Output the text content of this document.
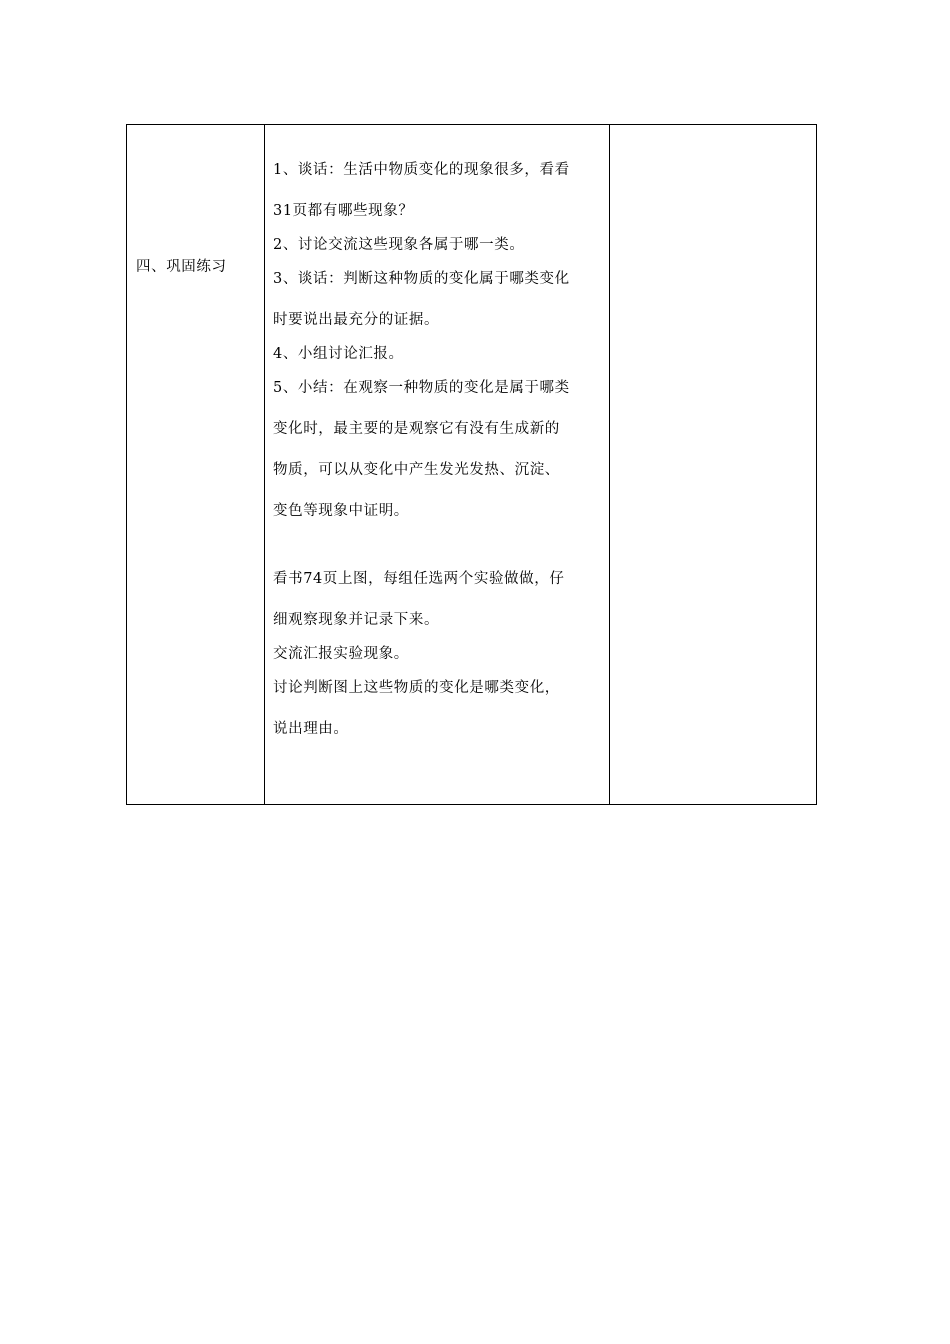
四、巩固练习

1、谈话：生活中物质变化的现象很多，看看
31页都有哪些现象？
2、讨论交流这些现象各属于哪一类。
3、谈话：判断这种物质的变化属于哪类变化
时要说出最充分的证据。
4、小组讨论汇报。
5、小结：在观察一种物质的变化是属于哪类
变化时，最主要的是观察它有没有生成新的
物质，可以从变化中产生发光发热、沉淀、
变色等现象中证明。
看书74页上图，每组任选两个实验做做，仔
细观察现象并记录下来。
交流汇报实验现象。
讨论判断图上这些物质的变化是哪类变化，
说出理由。
